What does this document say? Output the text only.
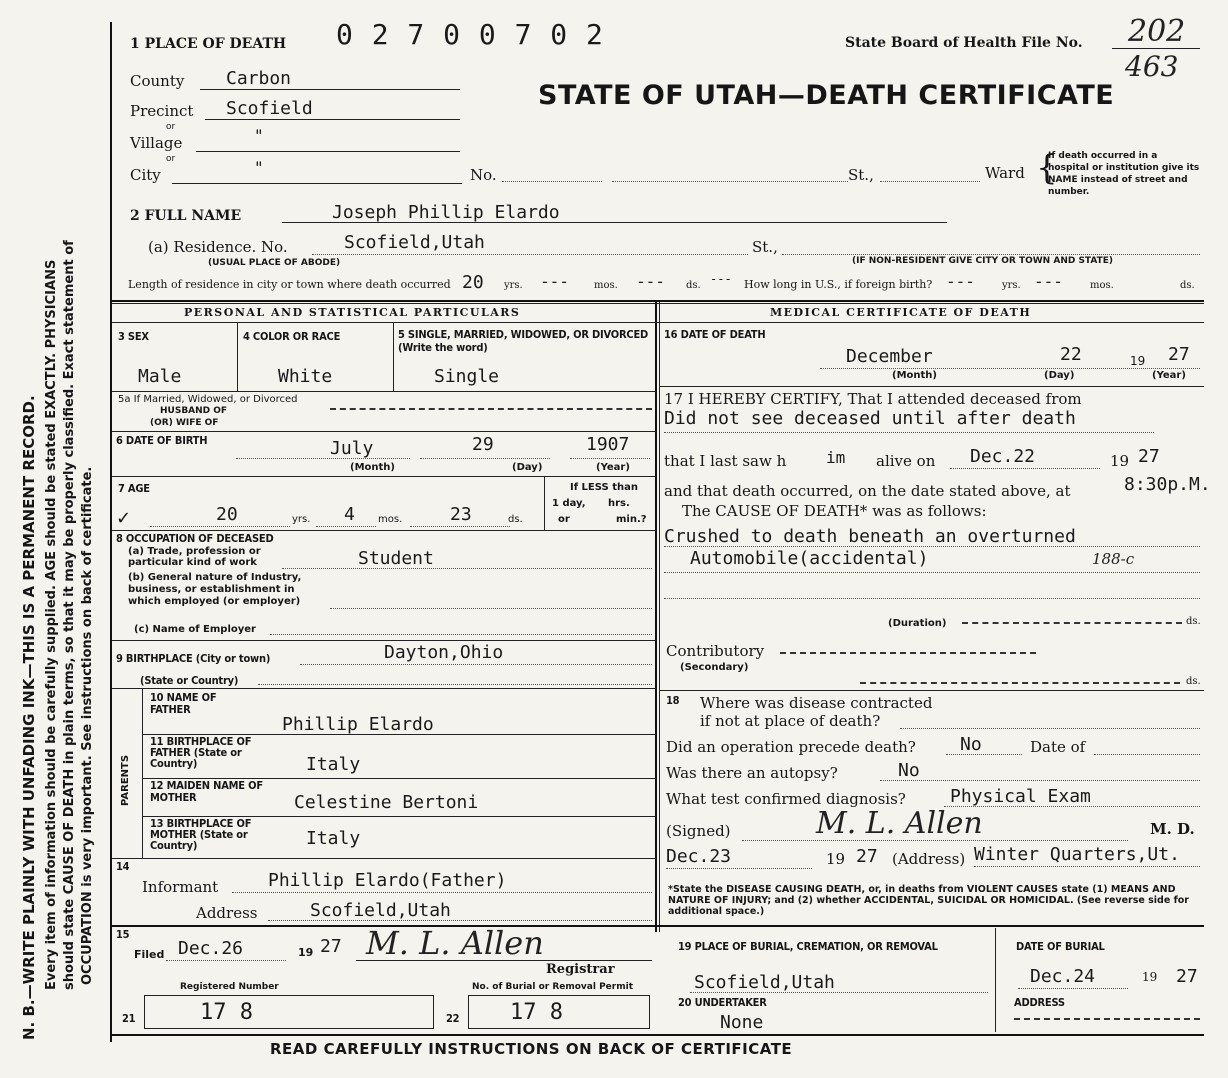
N. B.—WRITE PLAINLY WITH UNFADING INK—THIS IS A PERMANENT RECORD. Every item of information should be carefully supplied. AGE should be stated EXACTLY. PHYSICIANS should state CAUSE OF DEATH in plain terms, so that it may be properly classified. Exact statement of OCCUPATION is very important. See instructions on back of certificate.
1 PLACE OF DEATH 0 2 7 0 0 7 0 2	State Board of Health File No. 202
463
STATE OF UTAH—DEATH CERTIFICATE
County Carbon
Precinct Scofield
or
Village	"
or
City	"	No.	St.,	Ward {
If death occurred in a hospital or institution give its NAME instead of street and number.
2 FULL NAME	Joseph Phillip Elardo
(a) Residence. No.	Scofield,Utah	St.,
(USUAL PLACE OF ABODE)	(IF NON-RESIDENT GIVE CITY OR TOWN AND STATE)
Length of residence in city or town where death occurred 20 yrs. ---	mos. --- ds. --- How long in U.S., if foreign birth? ---	yrs. ---	mos.	ds.
PERSONAL AND STATISTICAL PARTICULARS	MEDICAL CERTIFICATE OF DEATH
3 SEX
Male
4 COLOR OR RACE
White
5 SINGLE, MARRIED, WIDOWED, OR DIVORCED (Write the word)
Single
5a If Married, Widowed, or Divorced
HUSBAND OF
(OR) WIFE OF
6 DATE OF BIRTH	July	29	1907
(Month)	(Day)	(Year)
7 AGE
✓	20	yrs. 4 mos.	23	ds.
If LESS than
1 day, hrs.
or	min.?
8 OCCUPATION OF DECEASED
(a) Trade, profession or particular kind of work	Student
(b) General nature of Industry, business, or establishment in which employed (or employer)
(c) Name of Employer
9 BIRTHPLACE (City or town)	Dayton,Ohio
(State or Country)
PARENTS
10 NAME OF FATHER
Phillip Elardo
11 BIRTHPLACE OF FATHER (State or Country)	Italy
12 MAIDEN NAME OF MOTHER	Celestine Bertoni
13 BIRTHPLACE OF MOTHER (State or Country)	Italy
14
Informant	Phillip Elardo(Father)
Address	Scofield,Utah
15
Filed Dec.26	19 27 M. L. Allen
Registrar
Registered Number	No. of Burial or Removal Permit
21	17 8	22 17 8
16 DATE OF DEATH
December	22	19 27
(Month)	(Day)	(Year)
17 I HEREBY CERTIFY, That I attended deceased from
Did not see deceased until after death
that I last saw h im alive on Dec.22	19 27
and that death occurred, on the date stated above, at	8:30p.M.
The CAUSE OF DEATH* was as follows:
Crushed to death beneath an overturned
Automobile(accidental)	188-c
(Duration)	ds.
Contributory
(Secondary)
ds.
18 Where was disease contracted
if not at place of death?
Did an operation precede death? No	Date of
Was there an autopsy?	No
What test confirmed diagnosis? Physical Exam
(Signed)	M. L. Allen	M. D.
Dec.23	19 27 (Address) Winter Quarters,Ut.
*State the DISEASE CAUSING DEATH, or, in deaths from VIOLENT CAUSES state (1) MEANS AND NATURE OF INJURY; and (2) whether ACCIDENTAL, SUICIDAL OR HOMICIDAL. (See reverse side for additional space.)
19 PLACE OF BURIAL, CREMATION, OR REMOVAL	DATE OF BURIAL
Scofield,Utah	Dec.24	19 27
20 UNDERTAKER
None
ADDRESS
READ CAREFULLY INSTRUCTIONS ON BACK OF CERTIFICATE
